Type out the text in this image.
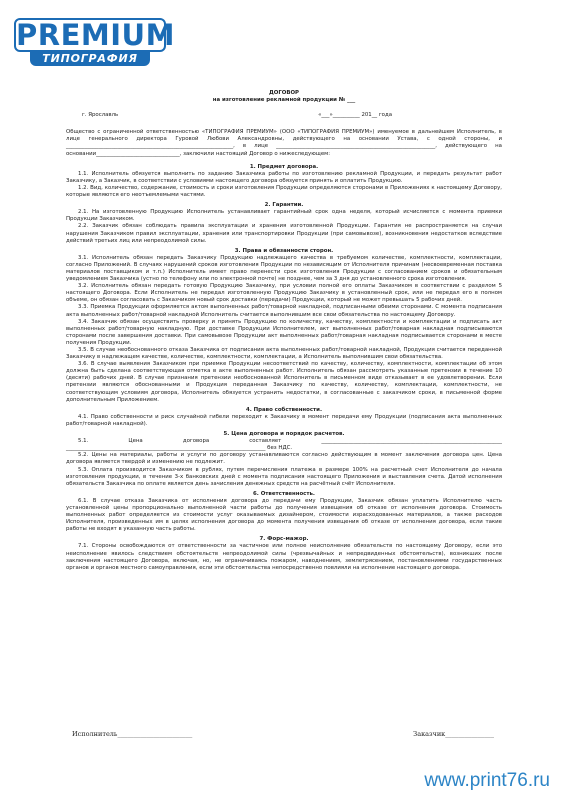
PREMIUM
ТИПОГРАФИЯ
ДОГОВОР
на изготовление рекламной продукции № ___
г. Ярославль	«___»__________ 201__ года

Общество с ограниченной ответственностью «ТИПОГРАФИЯ ПРЕМИУМ» (ООО «ТИПОГРАФИЯ ПРЕМИУМ») именуемое в дальнейшем Исполнитель, в лице генерального директора Гуровой Любови Александровны, действующего на основании Устава, с одной стороны, и ______________________________________________________________, в лице ___________________________________________________________, действующего на основании_______________________________, заключили настоящий Договор о нижеследующем:

1. Предмет договора.

1.1. Исполнитель обязуется выполнить по заданию Заказчика работы по изготовлению рекламной Продукции, и передать результат работ Заказчику, а Заказчик, в соответствии с условиями настоящего договора обязуется принять и оплатить Продукцию.

1.2. Вид, количество, содержание, стоимость и сроки изготовления Продукции определяются сторонами в Приложениях к настоящему Договору, которые являются его неотъемлемыми частями.

2. Гарантии.

2.1. На изготовленную Продукцию Исполнитель устанавливает гарантийный срок одна неделя, который исчисляется с момента приемки Продукции Заказчиком.

2.2. Заказчик обязан соблюдать правила эксплуатации и хранения изготовленной Продукции. Гарантия не распространяется на случаи нарушения Заказчиком правил эксплуатации, хранения или транспортировки Продукции (при самовывозе), возникновения недостатков вследствие действий третьих лиц или непреодолимой силы.

3. Права и обязанности сторон.

3.1. Исполнитель обязан передать Заказчику Продукцию надлежащего качества в требуемом количестве, комплектности, комплектации, согласно Приложений. В случаях нарушений сроков изготовления Продукции по независящим от Исполнителя причинам (несвоевременная поставка материалов поставщиком и т.п.) Исполнитель имеет право перенести срок изготовления Продукции с согласованием сроков и обязательным уведомлением Заказчика (устно по телефону или по электронной почте) не позднее, чем за 3 дня до установленного срока изготовления.

3.2. Исполнитель обязан передать готовую Продукцию Заказчику, при условии полной его оплаты Заказчиком в соответствии с разделом 5 настоящего Договора. Если Исполнитель не передал изготовленную Продукцию Заказчику в установленный срок, или не передал его в полном объеме, он обязан согласовать с Заказчиком новый срок доставки (передачи) Продукции, который не может превышать 5 рабочих дней.

3.3. Приемка Продукции оформляется актом выполненных работ/товарной накладной, подписанными обеими сторонами. С момента подписания акта выполненных работ/товарной накладной Исполнитель считается выполнившим все свои обязательства по настоящему Договору.

3.4. Заказчик обязан осуществить проверку и принять Продукцию по количеству, качеству, комплектности и комплектации и подписать акт выполненных работ/товарную накладную. При доставке Продукции Исполнителем, акт выполненных работ/товарная накладная подписываются сторонами после завершения доставки. При самовывозе Продукции акт выполненных работ/товарная накладная подписывается сторонами в месте получения Продукции.

3.5. В случае необоснованного отказа Заказчика от подписания акта выполненных работ/товарной накладной, Продукция считается переданной Заказчику в надлежащем качестве, количестве, комплектности, комплектации, а Исполнитель выполнившим свои обязательства.

3.6. В случае выявления Заказчиком при приемке Продукции несоответствий по качеству, количеству, комплектности, комплектации об этом должна быть сделана соответствующая отметка в акте выполненных работ. Исполнитель обязан рассмотреть указанные претензии в течение 10 (десяти) рабочих дней. В случае признания претензии необоснованной Исполнитель в письменном виде отказывает в ее удовлетворении. Если претензии являются обоснованными и Продукция переданная Заказчику по качеству, количеству, комплектации, комплектности, не соответствующим условиям договора, Исполнитель обязуется устранить недостатки, в согласованные с заказчиком сроки, в письменной форме дополнительным Приложением.

4. Право собственности.

4.1. Право собственности и риск случайной гибели переходит к Заказчику в момент передачи ему Продукции (подписания акта выполненных работ/товарной накладной).

5. Цена договора и порядок расчетов.

5.1. Цена договора составляет ___________________________________________________________________ __________________________________________________________________________ без НДС.

5.2. Цены на материалы, работы и услуги по договору устанавливаются согласно действующим в момент заключения договора цен. Цена договора является твердой и изменению не подлежит.

5.3. Оплата производится Заказчиком в рублях, путем перечисления платежа в размере 100% на расчетный счет Исполнителя до начала изготовления продукции, в течение 3-х банковских дней с момента подписания настоящего Приложения и выставления счета. Датой исполнения обязательств Заказчика по оплате является день зачисления денежных средств на расчётный счёт Исполнителя.

6. Ответственность.

6.1. В случае отказа Заказчика от исполнения договора до передачи ему Продукции, Заказчик обязан уплатить Исполнителю часть установленной цены пропорционально выполненной части работы до получения извещения об отказе от исполнения договора. Стоимость выполненных работ определяется из стоимости услуг оказываемых дизайнером, стоимости израсходованных материалов, а также расходов Исполнителя, произведенных им в целях исполнения договора до момента получения извещения об отказе от исполнения договора, если такие работы не входят в указанную часть работы.

7. Форс-мажор.

7.1. Стороны освобождаются от ответственности за частичное или полное неисполнение обязательств по настоящему Договору, если это неисполнение явилось следствием обстоятельств непреодолимой силы (чрезвычайных и непредвиденных обстоятельств), возникших после заключения настоящего Договора, включая, но, не ограничиваясь пожаром, наводнением, землетрясением, постановлениями государственных органов и органов местного самоуправления, если эти обстоятельства непосредственно повлияли на исполнение настоящего договора.

Исполнитель_______________________	Заказчик_______________
www.print76.ru
